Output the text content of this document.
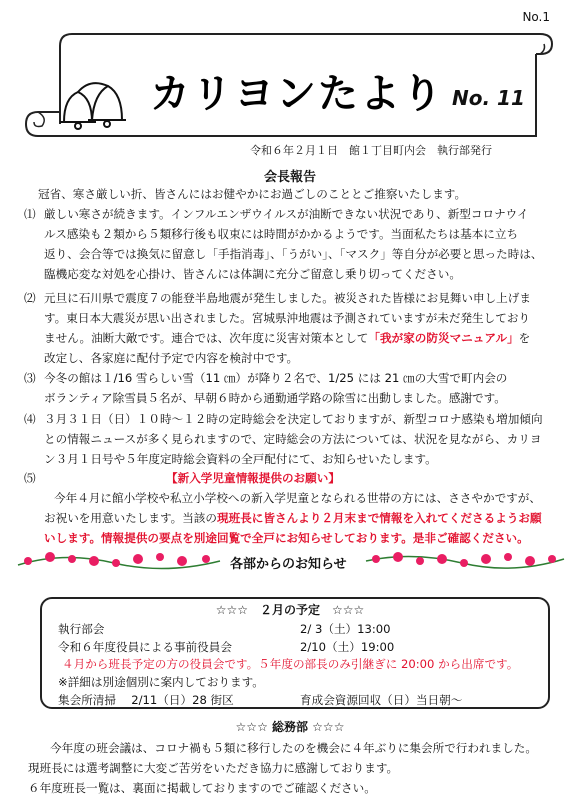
No.1
カリヨンたより No. 11
令和６年２月１日　館１丁目町内会　執行部発行
会長報告
冠省、寒さ厳しい折、皆さんにはお健やかにお過ごしのこととご推察いたします。
⑴ 厳しい寒さが続きます。インフルエンザウイルスが油断できない状況であり、新型コロナウイ
ルス感染も２類から５類移行後も収束には時間がかかるようです。当面私たちは基本に立ち
返り、会合等では換気に留意し「手指消毒」、「うがい」、「マスク」等自分が必要と思った時は、
臨機応変な対処を心掛け、皆さんには体調に充分ご留意し乗り切ってください。
⑵ 元旦に石川県で震度７の能登半島地震が発生しました。被災された皆様にお見舞い申し上げま
す。東日本大震災が思い出されました。宮城県沖地震は予測されていますが未だ発生しており
ません。油断大敵です。連合では、次年度に災害対策本として「我が家の防災マニュアル」を
改定し、各家庭に配付予定で内容を検討中です。
⑶ 今冬の館は１/16 雪らしい雪（11 ㎝）が降り２名で、1/25 には 21 ㎝の大雪で町内会の
ボランティア除雪員５名が、早朝６時から通勤通学路の除雪に出動しました。感謝です。
⑷ ３月３１日（日）１０時～１２時の定時総会を決定しておりますが、新型コロナ感染も増加傾向
との情報ニュースが多く見られますので、定時総会の方法については、状況を見ながら、カリヨ
ン３月１日号や５年度定時総会資料の全戸配付にて、お知らせいたします。
⑸	【新入学児童情報提供のお願い】
今年４月に館小学校や私立小学校への新入学児童となられる世帯の方には、ささやかですが、
お祝いを用意いたします。当該の現班長に皆さんより２月末まで情報を入れてくださるようお願
いします。情報提供の要点を別途回覧で全戸にお知らせしております。是非ご確認ください。
各部からのお知らせ
☆☆☆　２月の予定　☆☆☆
執行部会	2/ 3（土）13:00
令和６年度役員による事前役員会	2/10（土）19:00
４月から班長予定の方の役員会です。５年度の部長のみ引継ぎに 20:00 から出席です。
※詳細は別途個別に案内しております。
集会所清掃　 2/11（日）28 街区	育成会資源回収（日）当日朝～
☆☆☆ 総務部 ☆☆☆
今年度の班会議は、コロナ禍も５類に移行したのを機会に４年ぶりに集会所で行われました。
現班長には選考調整に大変ご苦労をいただき協力に感謝しております。
６年度班長一覧は、裏面に掲載しておりますのでご確認ください。
